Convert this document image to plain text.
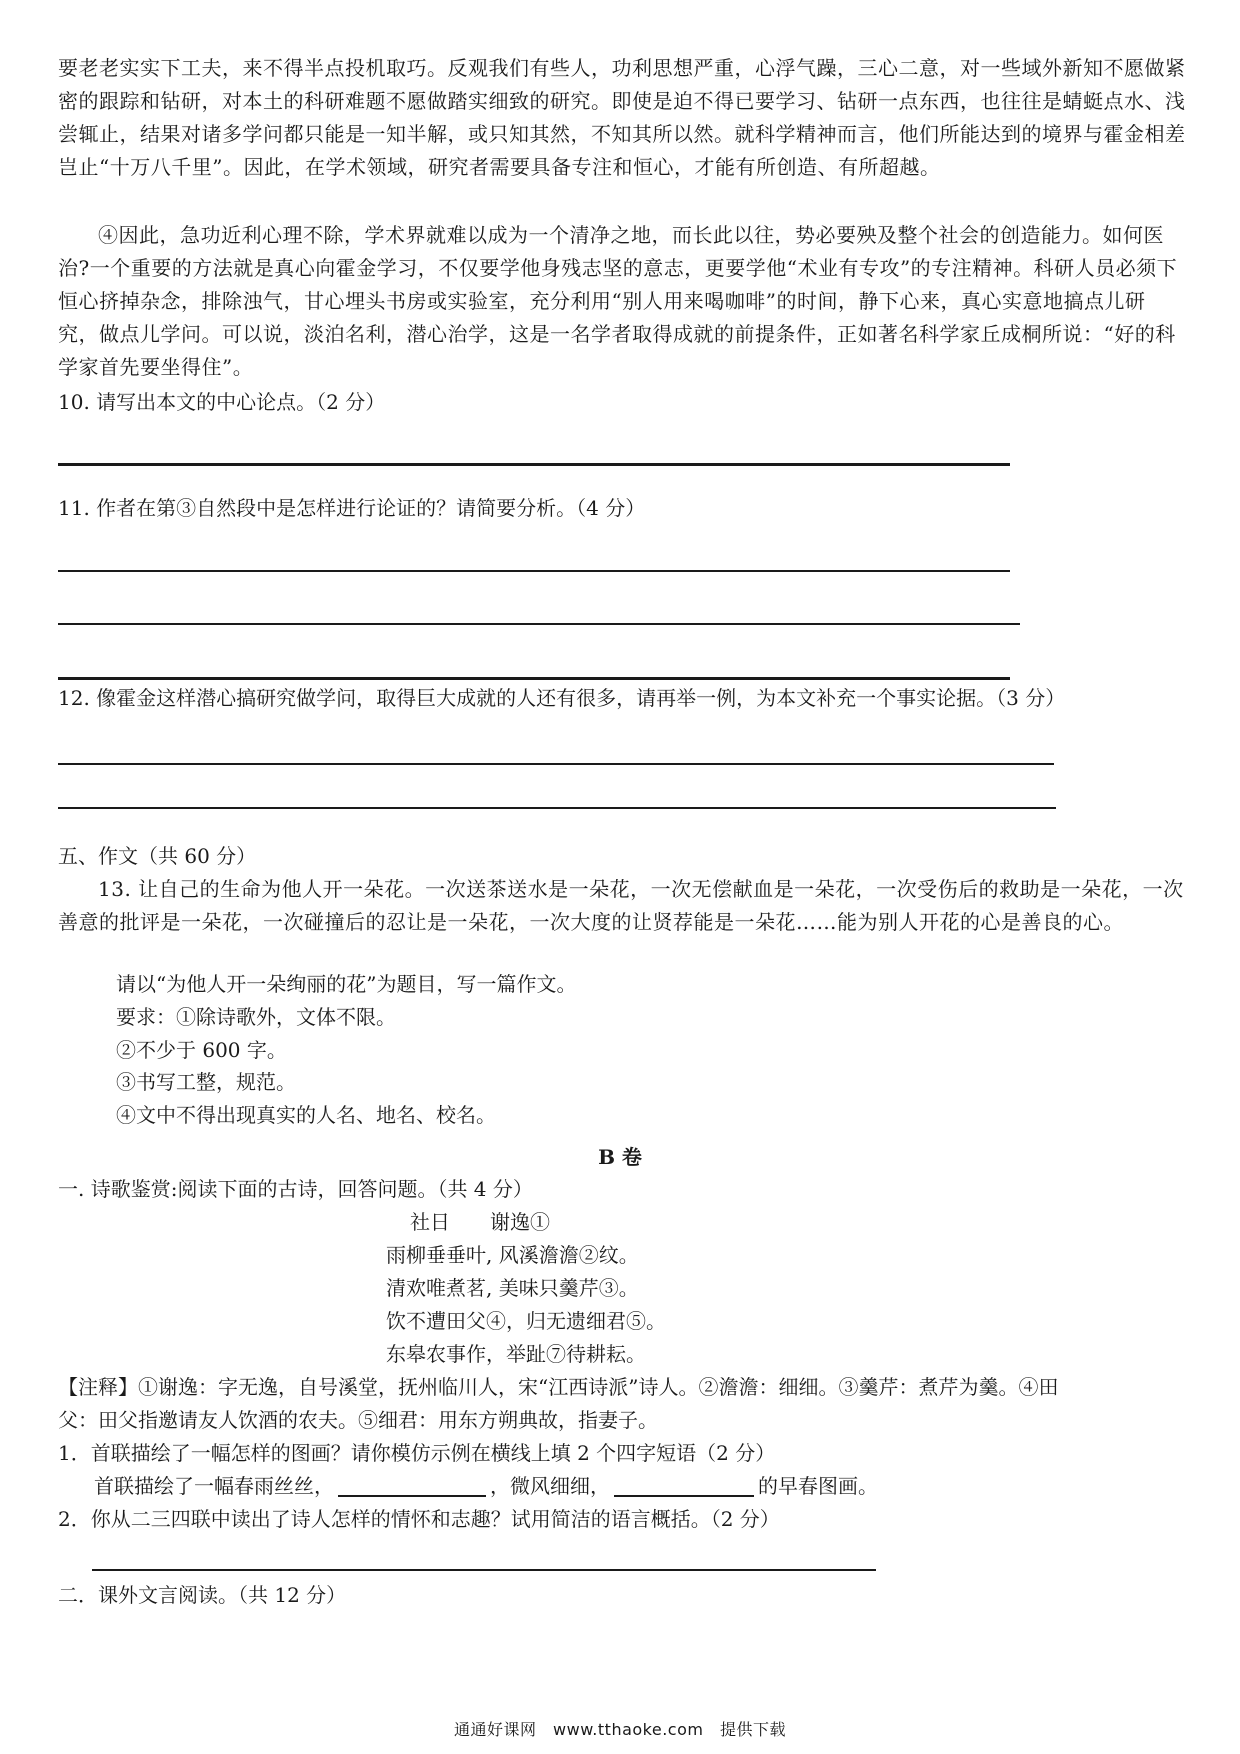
要老老实实下工夫，来不得半点投机取巧。反观我们有些人，功利思想严重，心浮气躁，三心二意，对一些域外新知不愿做紧密的跟踪和钻研，对本土的科研难题不愿做踏实细致的研究。即使是迫不得已要学习、钻研一点东西，也往往是蜻蜓点水、浅尝辄止，结果对诸多学问都只能是一知半解，或只知其然，不知其所以然。就科学精神而言，他们所能达到的境界与霍金相差岂止“十万八千里”。因此，在学术领域，研究者需要具备专注和恒心，才能有所创造、有所超越。
④因此，急功近利心理不除，学术界就难以成为一个清净之地，而长此以往，势必要殃及整个社会的创造能力。如何医治?一个重要的方法就是真心向霍金学习，不仅要学他身残志坚的意志，更要学他“术业有专攻”的专注精神。科研人员必须下恒心挤掉杂念，排除浊气，甘心埋头书房或实验室，充分利用“别人用来喝咖啡”的时间，静下心来，真心实意地搞点儿研究，做点儿学问。可以说，淡泊名利，潜心治学，这是一名学者取得成就的前提条件，正如著名科学家丘成桐所说：“好的科学家首先要坐得住”。
10. 请写出本文的中心论点。（2 分）
11. 作者在第③自然段中是怎样进行论证的？请简要分析。（4 分）
12. 像霍金这样潜心搞研究做学问，取得巨大成就的人还有很多，请再举一例，为本文补充一个事实论据。（3 分）
五、作文（共 60 分）
13. 让自己的生命为他人开一朵花。一次送茶送水是一朵花，一次无偿献血是一朵花，一次受伤后的救助是一朵花，一次善意的批评是一朵花，一次碰撞后的忍让是一朵花，一次大度的让贤荐能是一朵花……能为别人开花的心是善良的心。
请以“为他人开一朵绚丽的花”为题目，写一篇作文。
要求：①除诗歌外，文体不限。
②不少于 600 字。
③书写工整，规范。
④文中不得出现真实的人名、地名、校名。
B 卷
一. 诗歌鉴赏:阅读下面的古诗，回答问题。（共 4 分）
社日　　谢逸①
雨柳垂垂叶, 风溪澹澹②纹。
清欢唯煮茗, 美味只羹芹③。
饮不遭田父④，归无遗细君⑤。
东皋农事作，举趾⑦待耕耘。
【注释】①谢逸：字无逸，自号溪堂，抚州临川人，宋“江西诗派”诗人。②澹澹：细细。③羹芹：煮芹为羹。④田
父：田父指邀请友人饮酒的农夫。⑤细君：用东方朔典故，指妻子。
1．首联描绘了一幅怎样的图画？请你模仿示例在横线上填 2 个四字短语（2 分）
首联描绘了一幅春雨丝丝，	，微风细细，	的早春图画。
2．你从二三四联中读出了诗人怎样的情怀和志趣？试用简洁的语言概括。（2 分）
二．课外文言阅读。（共 12 分）
通通好课网　www.tthaoke.com　提供下载
